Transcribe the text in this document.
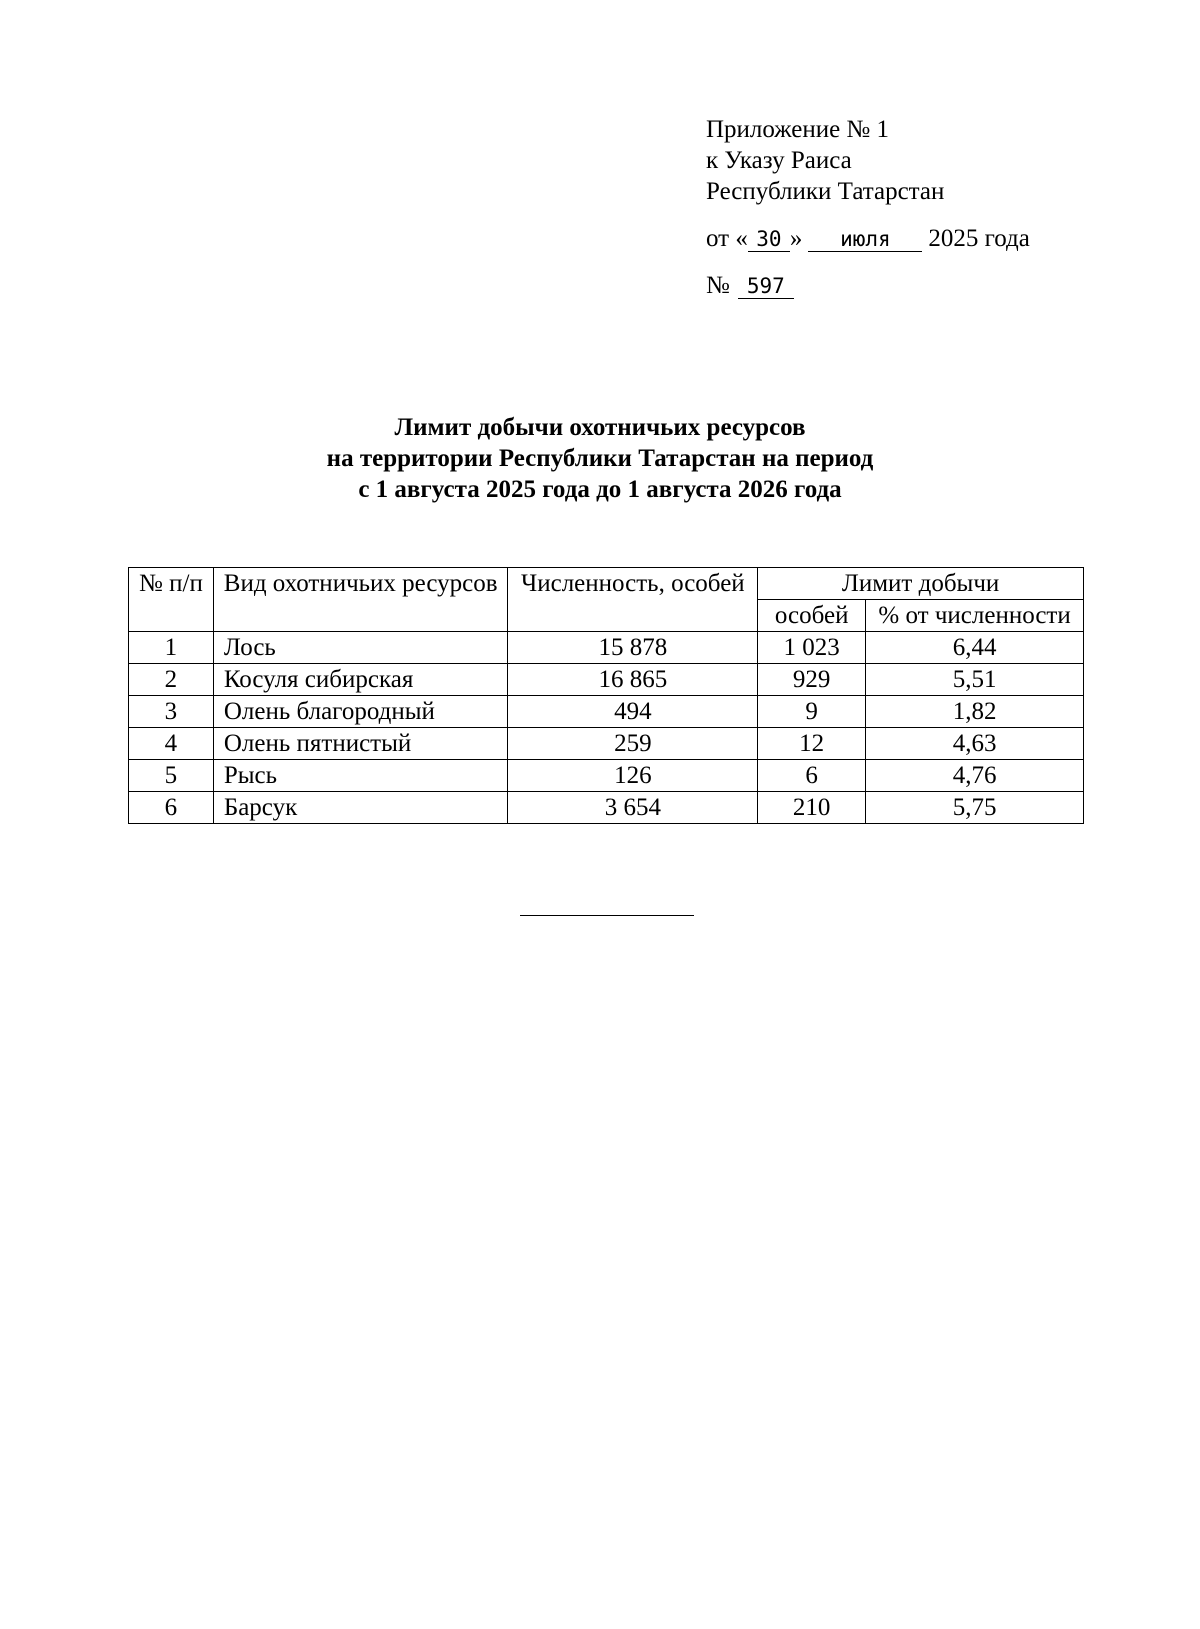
Приложение № 1
к Указу Раиса
Республики Татарстан
от « 30 » июля 2025 года
№ 597
Лимит добычи охотничьих ресурсов
на территории Республики Татарстан на период
с 1 августа 2025 года до 1 августа 2026 года
№ п/п	Вид охотничьих ресурсов	Численность, особей	Лимит добычи	
			особей	% от численности
1	Лось	15 878	1 023	6,44
2	Косуля сибирская	16 865	929	5,51
3	Олень благородный	494	9	1,82
4	Олень пятнистый	259	12	4,63
5	Рысь	126	6	4,76
6	Барсук	3 654	210	5,75
